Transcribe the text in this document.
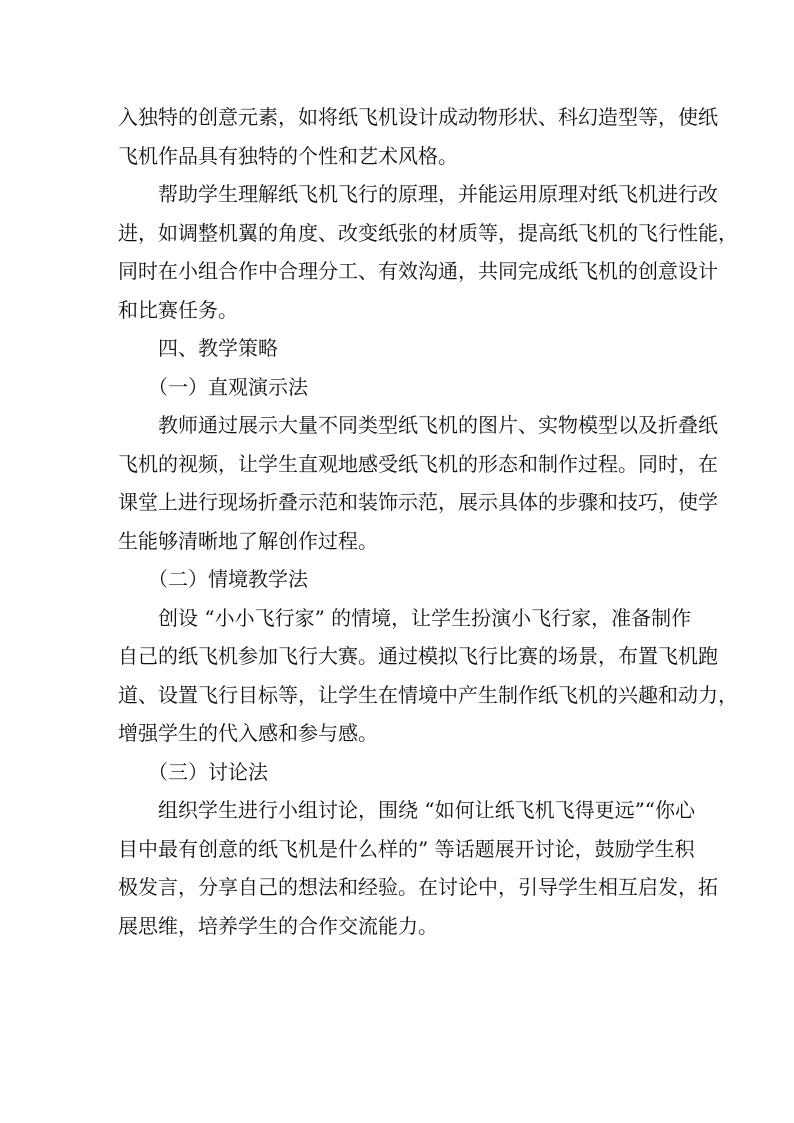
入独特的创意元素，如将纸飞机设计成动物形状、科幻造型等，使纸
飞机作品具有独特的个性和艺术风格。
帮助学生理解纸飞机飞行的原理，并能运用原理对纸飞机进行改
进，如调整机翼的角度、改变纸张的材质等，提高纸飞机的飞行性能，
同时在小组合作中合理分工、有效沟通，共同完成纸飞机的创意设计
和比赛任务。
四、教学策略
（一）直观演示法
教师通过展示大量不同类型纸飞机的图片、实物模型以及折叠纸
飞机的视频，让学生直观地感受纸飞机的形态和制作过程。同时，在
课堂上进行现场折叠示范和装饰示范，展示具体的步骤和技巧，使学
生能够清晰地了解创作过程。
（二）情境教学法
创设 “小小飞行家” 的情境，让学生扮演小飞行家，准备制作
自己的纸飞机参加飞行大赛。通过模拟飞行比赛的场景，布置飞机跑
道、设置飞行目标等，让学生在情境中产生制作纸飞机的兴趣和动力，
增强学生的代入感和参与感。
（三）讨论法
组织学生进行小组讨论，围绕 “如何让纸飞机飞得更远”“你心
目中最有创意的纸飞机是什么样的” 等话题展开讨论，鼓励学生积
极发言，分享自己的想法和经验。在讨论中，引导学生相互启发，拓
展思维，培养学生的合作交流能力。
